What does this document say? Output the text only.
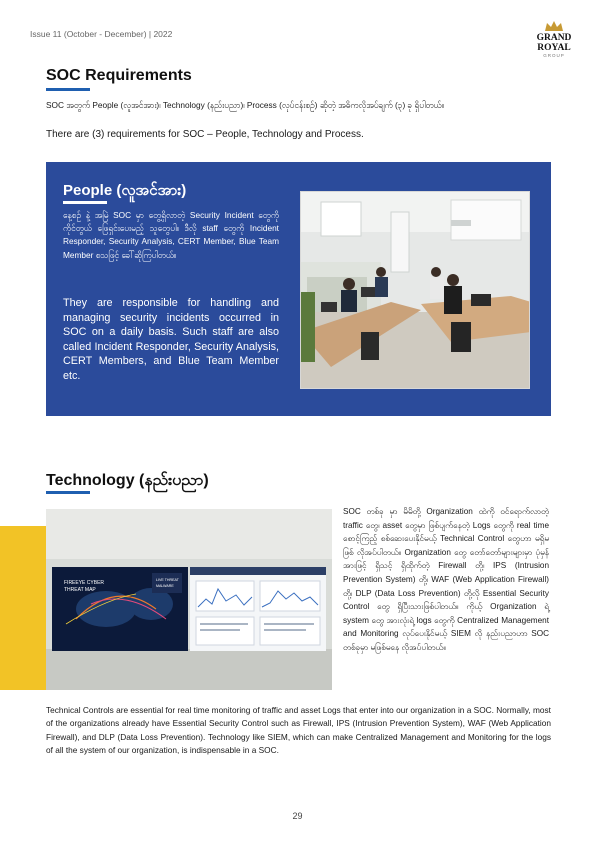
Issue 11 (October - December) | 2022	GRAND
ROYAL
GROUP
SOC Requirements
SOC အတွက် People (လူအင်အား)၊ Technology (နည်းပညာ)၊ Process (လုပ်ငန်းစဉ်) ဆိုတဲ့ အဓိကလိုအပ်ချက် (၃) ခု ရှိပါတယ်။
There are (3) requirements for SOC – People, Technology and Process.
People (လူအင်အား)
နေ့စဉ် နဲ့ အမြဲ SOC မှာ တွေ့ရှိလာတဲ့ Security Incident တွေကို ကိုင်တွယ် ဖြေရှင်းပေးမည့် သူတွေပါ။ ဒီလို staff တွေကို Incident Responder, Security Analysis, CERT Member, Blue Team Member စသဖြင့် ခေါ်ဆိုကြပါတယ်။
They are responsible for handling and managing security incidents occurred in SOC on a daily basis. Such staff are also called Incident Responder, Security Analysis, CERT Members, and Blue Team Member etc.
Technology (နည်းပညာ)
FIREEYE CYBER
THREAT MAP
LIVE THREAT
MALWARE
SOC တစ်ခု မှာ မိမိတို့ Organization ထဲကို ဝင်ရောက်လာတဲ့ traffic တွေ၊ asset တွေမှာ ဖြစ်ပျက်နေတဲ့ Logs တွေကို real time စောင့်ကြည့် စစ်ဆေးပေးနိုင်မယ့် Technical Control တွေဟာ မရှိမဖြစ် လိုအပ်ပါတယ်။ Organization တွေ တော်တော်များများမှာ ပုံမှန်အားဖြင့် ရှိသင့် ရှိထိုက်တဲ့ Firewall တို့၊ IPS (Intrusion Prevention System) တို့၊ WAF (Web Application Firewall) တို့၊ DLP (Data Loss Prevention) တို့လို Essential Security Control တွေ ရှိပြီးသားဖြစ်ပါတယ်။ ကိုယ့် Organization ရဲ့ system တွေ အားလုံးရဲ့ logs တွေကို Centralized Management and Monitoring လုပ်ပေးနိုင်မယ့် SIEM လို နည်းပညာဟာ SOC တစ်ခုမှာ မဖြစ်မနေ လိုအပ်ပါတယ်။
Technical Controls are essential for real time monitoring of traffic and asset Logs that enter into our organization in a SOC. Normally, most of the organizations already have Essential Security Control such as Firewall, IPS (Intrusion Prevention System), WAF (Web Application Firewall), and DLP (Data Loss Prevention). Technology like SIEM, which can make Centralized Management and Monitoring for the logs of all the system of our organization, is indispensable in a SOC.
29
